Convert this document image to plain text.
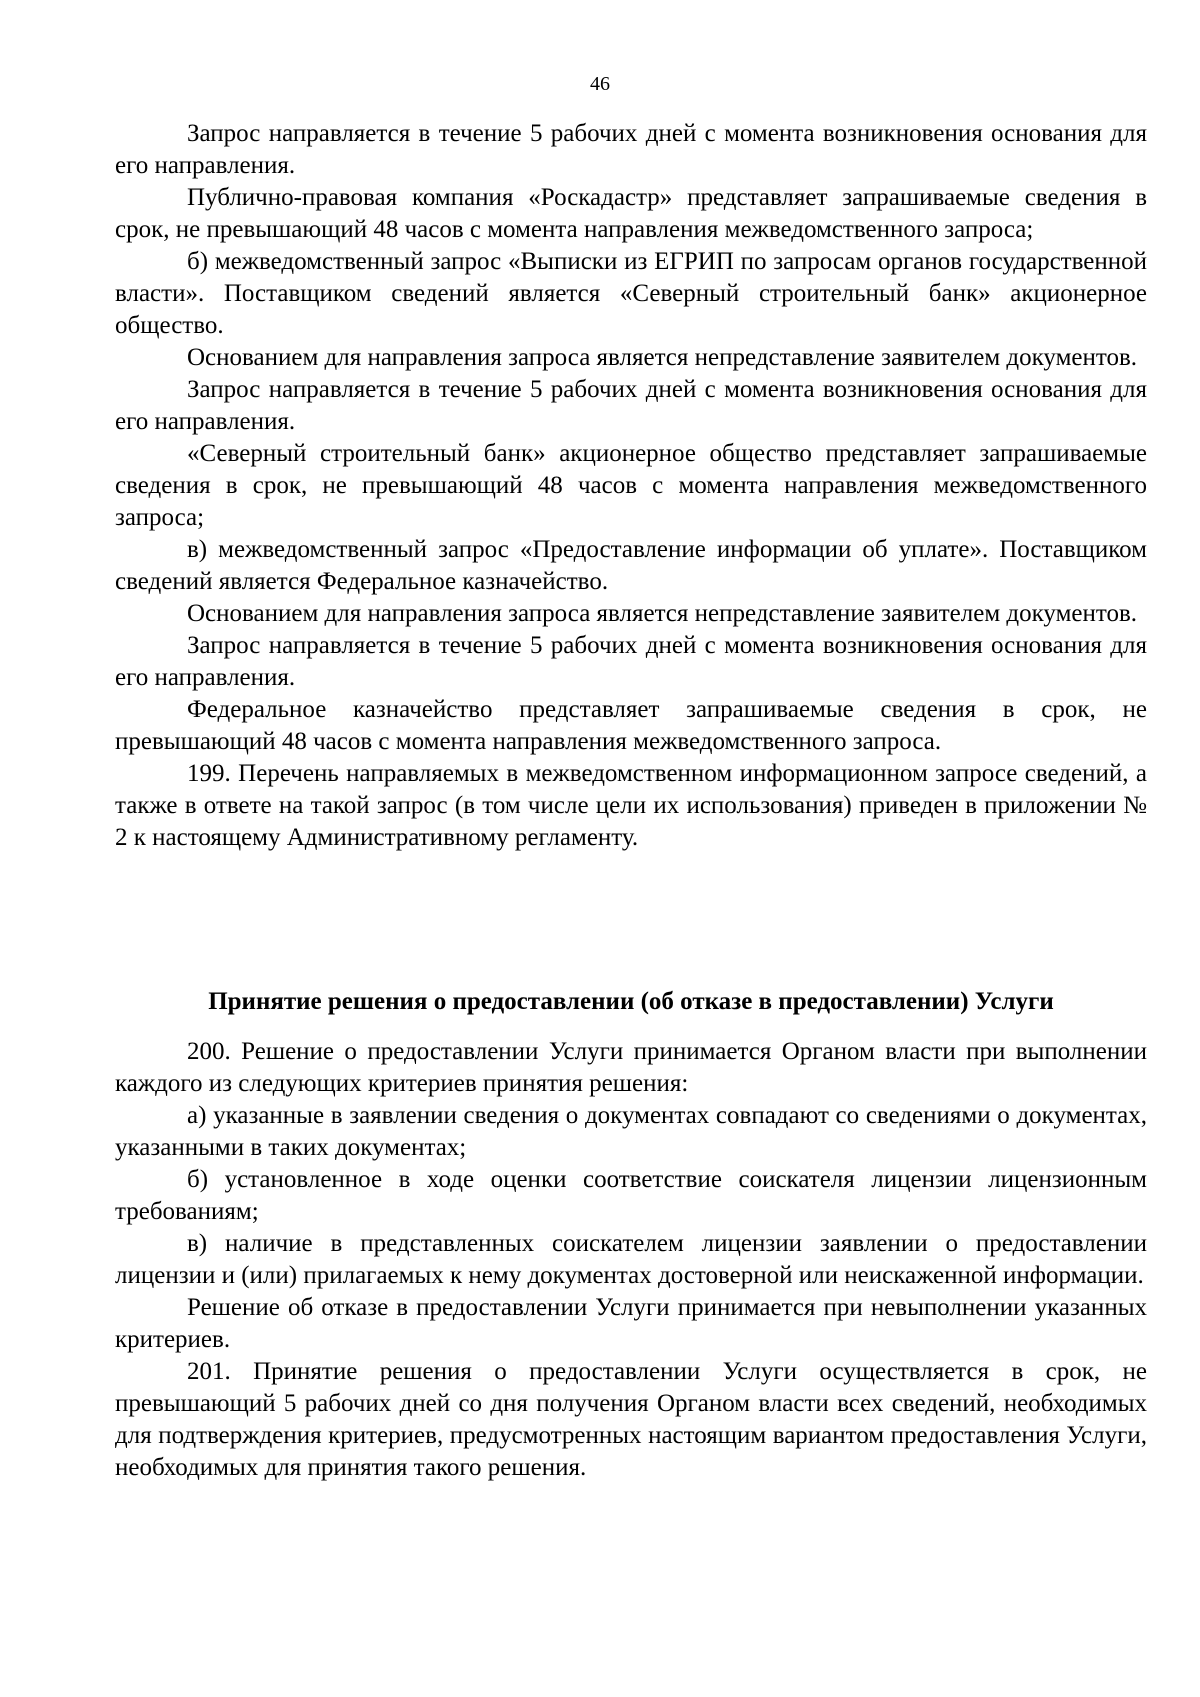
46

Запрос направляется в течение 5 рабочих дней с момента возникновения основания для его направления.

Публично-правовая компания «Роскадастр» представляет запрашиваемые сведения в срок, не превышающий 48 часов с момента направления межведомственного запроса;

б) межведомственный запрос «Выписки из ЕГРИП по запросам органов государственной власти». Поставщиком сведений является «Северный строительный банк» акционерное общество.

Основанием для направления запроса является непредставление заявителем документов.

Запрос направляется в течение 5 рабочих дней с момента возникновения основания для его направления.

«Северный строительный банк» акционерное общество представляет запрашиваемые сведения в срок, не превышающий 48 часов с момента направления межведомственного запроса;

в) межведомственный запрос «Предоставление информации об уплате». Поставщиком сведений является Федеральное казначейство.

Основанием для направления запроса является непредставление заявителем документов.

Запрос направляется в течение 5 рабочих дней с момента возникновения основания для его направления.

Федеральное казначейство представляет запрашиваемые сведения в срок, не превышающий 48 часов с момента направления межведомственного запроса.

199. Перечень направляемых в межведомственном информационном запросе сведений, а также в ответе на такой запрос (в том числе цели их использования) приведен в приложении № 2 к настоящему Административному регламенту.

Принятие решения о предоставлении (об отказе в предоставлении) Услуги

200. Решение о предоставлении Услуги принимается Органом власти при выполнении каждого из следующих критериев принятия решения:

а) указанные в заявлении сведения о документах совпадают со сведениями о документах, указанными в таких документах;

б) установленное в ходе оценки соответствие соискателя лицензии лицензионным требованиям;

в) наличие в представленных соискателем лицензии заявлении о предоставлении лицензии и (или) прилагаемых к нему документах достоверной или неискаженной информации.

Решение об отказе в предоставлении Услуги принимается при невыполнении указанных критериев.

201. Принятие решения о предоставлении Услуги осуществляется в срок, не превышающий 5 рабочих дней со дня получения Органом власти всех сведений, необходимых для подтверждения критериев, предусмотренных настоящим вариантом предоставления Услуги, необходимых для принятия такого решения.
